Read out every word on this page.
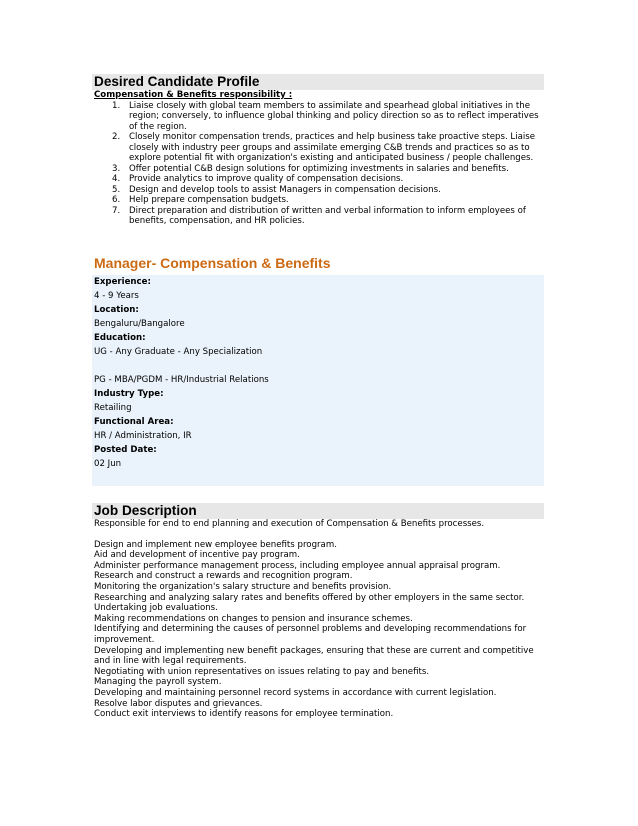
Desired Candidate Profile
Compensation & Benefits responsibility :
1.	Liaise closely with global team members to assimilate and spearhead global initiatives in the region; conversely, to influence global thinking and policy direction so as to reflect imperatives of the region.
2.	Closely monitor compensation trends, practices and help business take proactive steps. Liaise closely with industry peer groups and assimilate emerging C&B trends and practices so as to explore potential fit with organization's existing and anticipated business / people challenges.
3.	Offer potential C&B design solutions for optimizing investments in salaries and benefits.
4.	Provide analytics to improve quality of compensation decisions.
5.	Design and develop tools to assist Managers in compensation decisions.
6.	Help prepare compensation budgets.
7.	Direct preparation and distribution of written and verbal information to inform employees of benefits, compensation, and HR policies.
Manager- Compensation & Benefits
Experience:
4 - 9 Years
Location:
Bengaluru/Bangalore
Education:
UG - Any Graduate - Any Specialization
PG - MBA/PGDM - HR/Industrial Relations
Industry Type:
Retailing
Functional Area:
HR / Administration, IR
Posted Date:
02 Jun
Job Description
Responsible for end to end planning and execution of Compensation & Benefits processes.
Design and implement new employee benefits program.
Aid and development of incentive pay program.
Administer performance management process, including employee annual appraisal program.
Research and construct a rewards and recognition program.
Monitoring the organization's salary structure and benefits provision.
Researching and analyzing salary rates and benefits offered by other employers in the same sector.
Undertaking job evaluations.
Making recommendations on changes to pension and insurance schemes.
Identifying and determining the causes of personnel problems and developing recommendations for improvement.
Developing and implementing new benefit packages, ensuring that these are current and competitive and in line with legal requirements.
Negotiating with union representatives on issues relating to pay and benefits.
Managing the payroll system.
Developing and maintaining personnel record systems in accordance with current legislation.
Resolve labor disputes and grievances.
Conduct exit interviews to identify reasons for employee termination.
